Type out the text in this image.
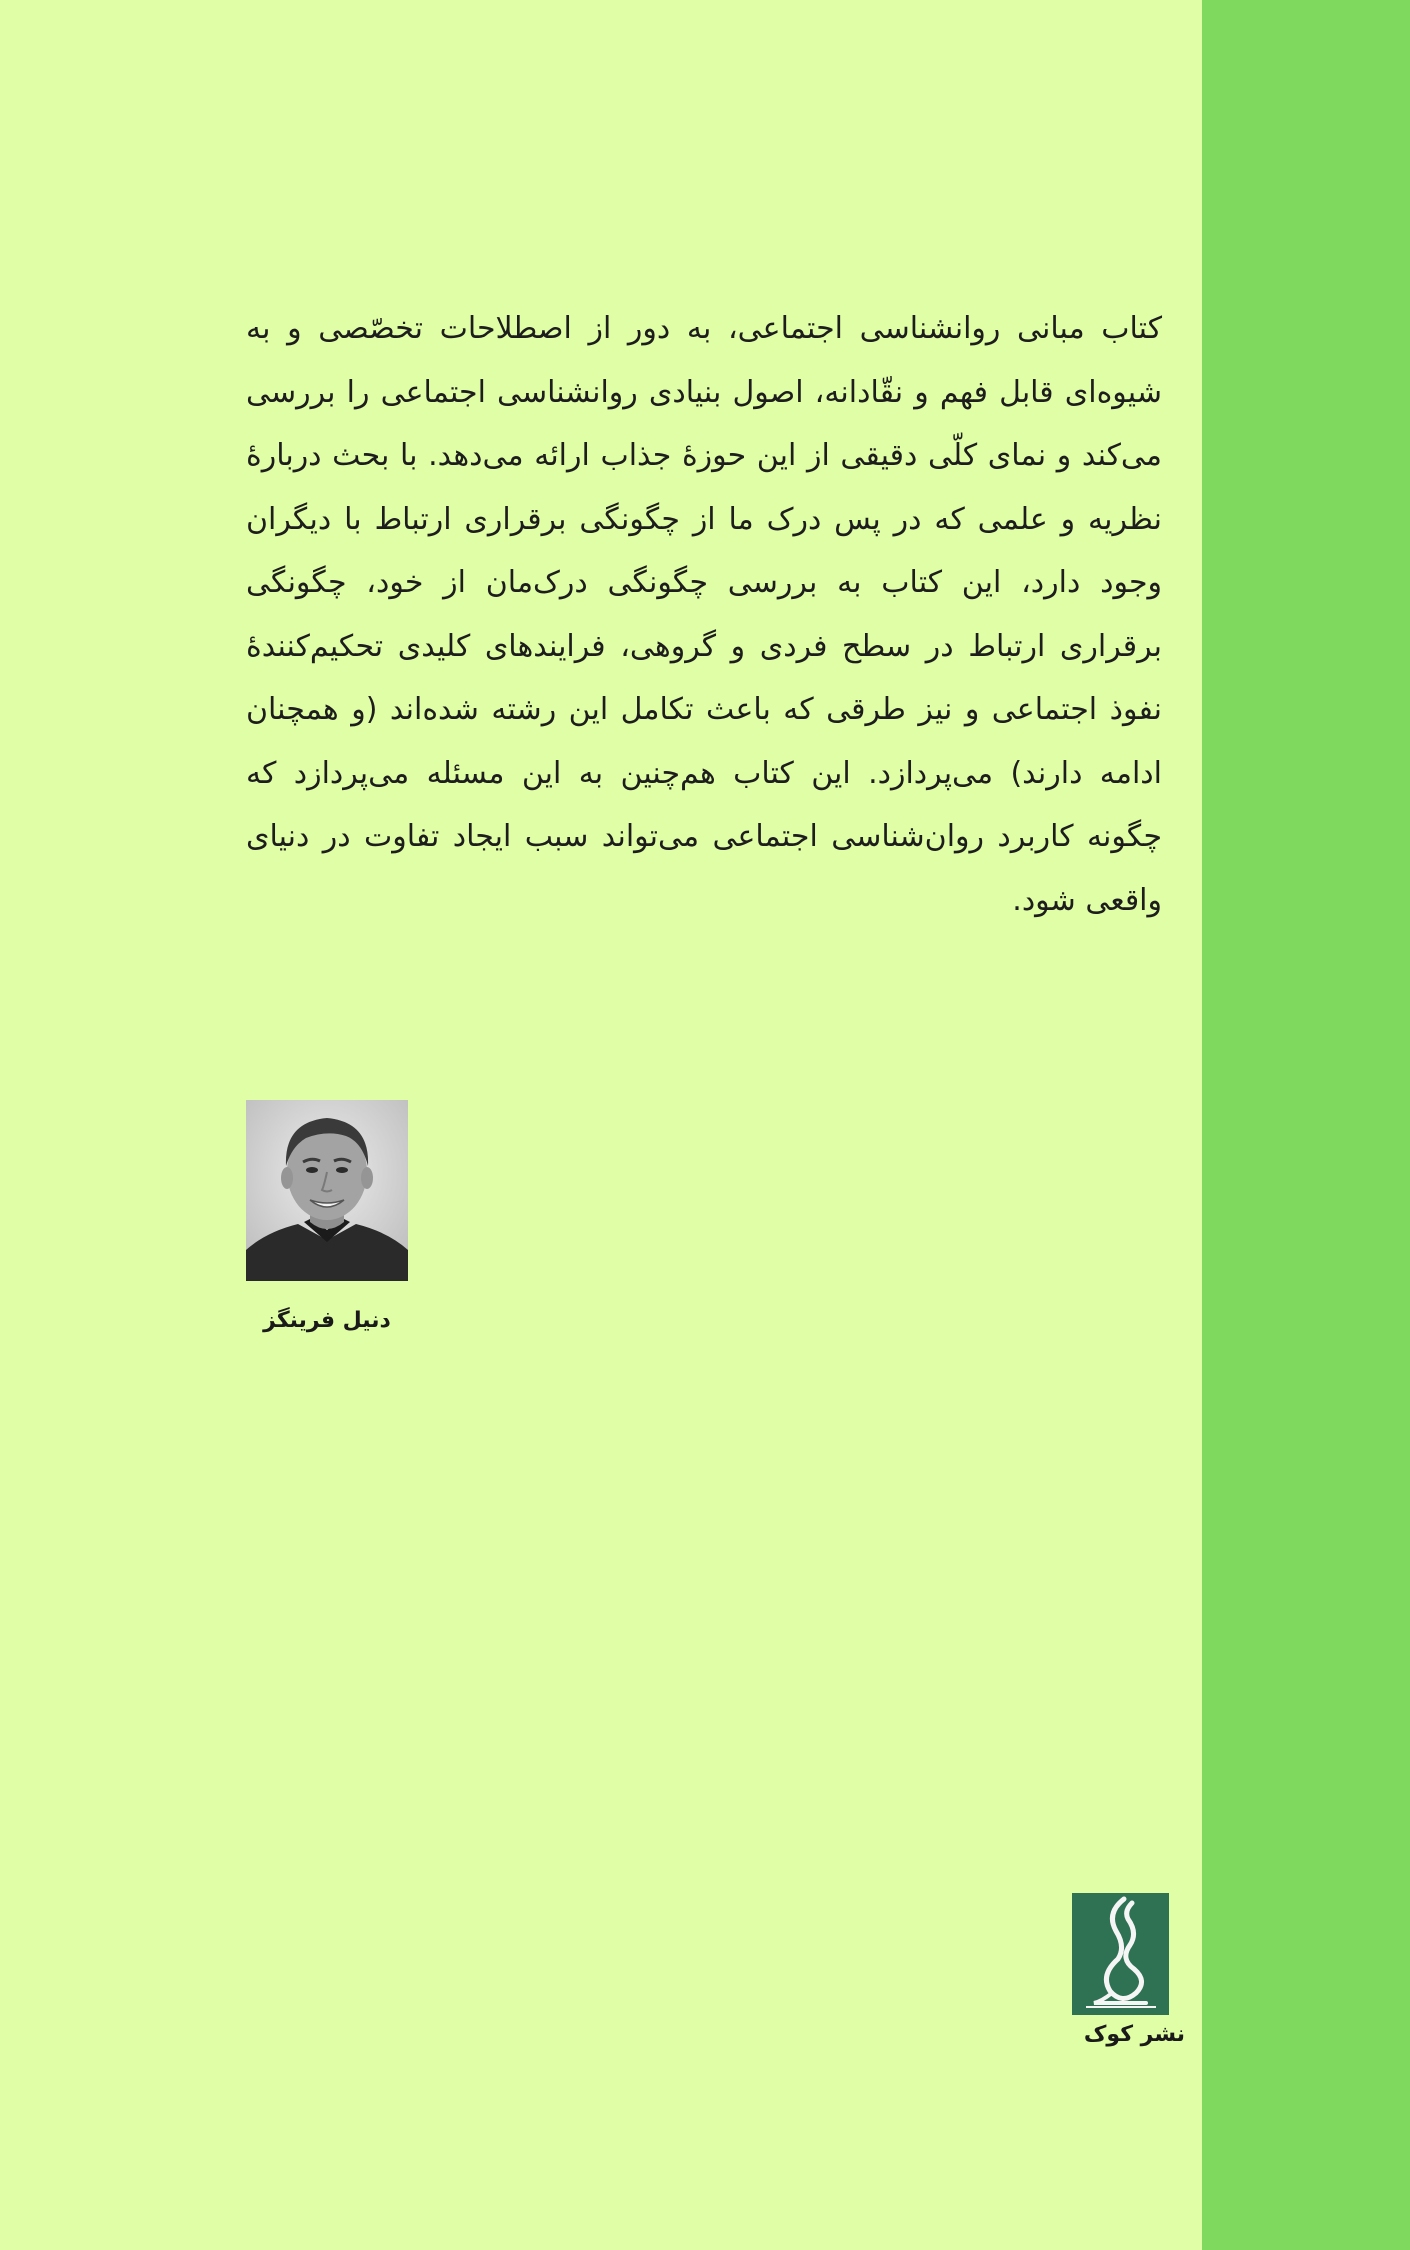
کتاب مبانی روانشناسی اجتماعی، به دور از اصطلاحات تخصّصی و به شیوه‌ای قابل فهم و نقّادانه، اصول بنیادی روانشناسی اجتماعی را بررسی می‌کند و نمای کلّی دقیقی از این حوزهٔ جذاب ارائه می‌دهد. با بحث دربارهٔ نظریه و علمی که در پس درک ما از چگونگی برقراری ارتباط با دیگران وجود دارد، این کتاب به بررسی چگونگی درک‌مان از خود، چگونگی برقراری ارتباط در سطح فردی و گروهی، فرایندهای کلیدی تحکیم‌کنندهٔ نفوذ اجتماعی و نیز طرقی که باعث تکامل این رشته شده‌اند (و همچنان ادامه دارند) می‌پردازد. این کتاب هم‌چنین به این مسئله می‌پردازد که چگونه کاربرد روان‌شناسی اجتماعی می‌تواند سبب ایجاد تفاوت در دنیای واقعی شود.

دنیل فرینگز
نشر کوک
